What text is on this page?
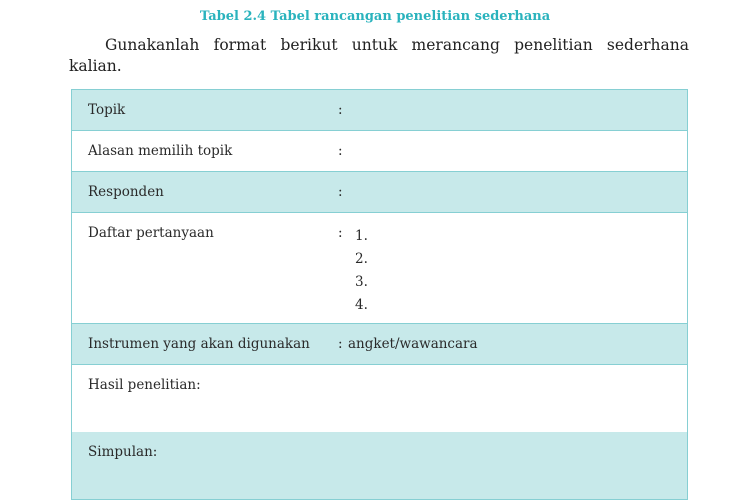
Tabel 2.4 Tabel rancangan penelitian sederhana
Gunakanlah format berikut untuk merancang penelitian sederhana kalian.
Topik	:
Alasan memilih topik	:
Responden	:
Daftar pertanyaan	: 1.
2.
3.
4.
Instrumen yang akan digunakan : angket/wawancara
Hasil penelitian:
Simpulan:
